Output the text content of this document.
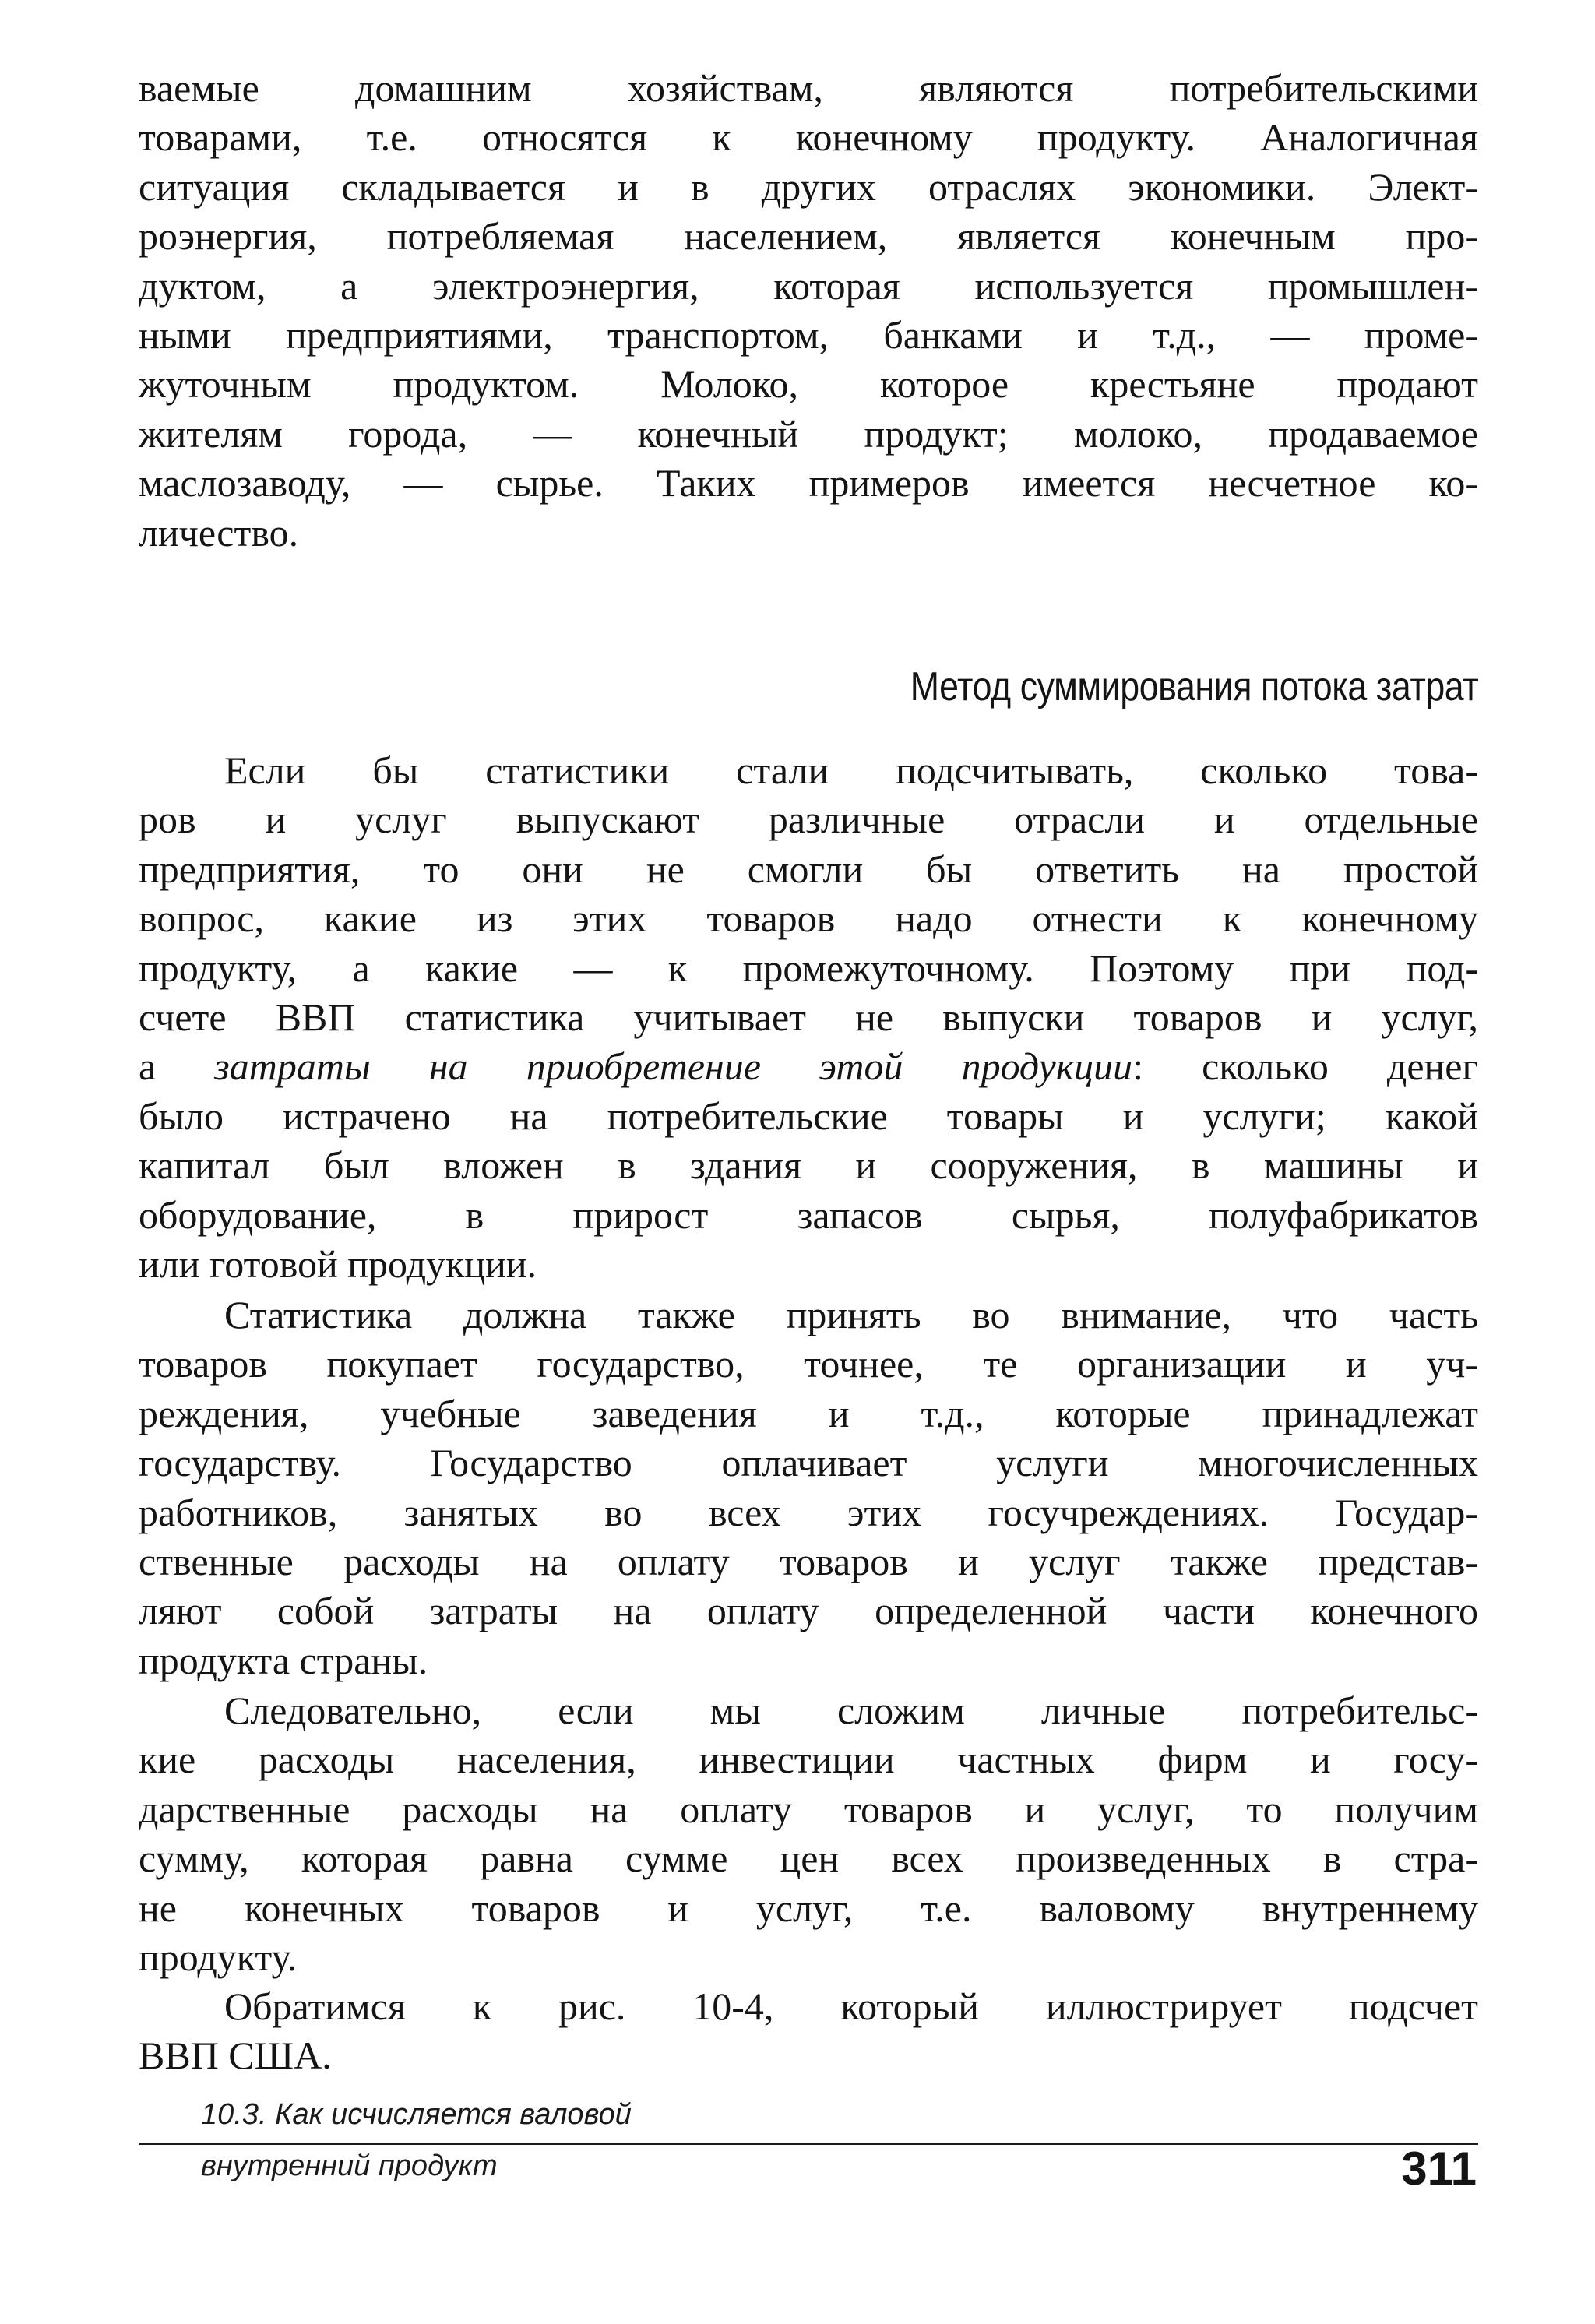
ваемые домашним хозяйствам, являются потребительскими
товарами, т.е. относятся к конечному продукту. Аналогичная
ситуация складывается и в других отраслях экономики. Элект-
роэнергия, потребляемая населением, является конечным про-
дуктом, а электроэнергия, которая используется промышлен-
ными предприятиями, транспортом, банками и т.д., — проме-
жуточным продуктом. Молоко, которое крестьяне продают
жителям города, — конечный продукт; молоко, продаваемое
маслозаводу, — сырье. Таких примеров имеется несчетное ко-
личество.

Метод суммирования потока затрат

Если бы статистики стали подсчитывать, сколько това-
ров и услуг выпускают различные отрасли и отдельные
предприятия, то они не смогли бы ответить на простой
вопрос, какие из этих товаров надо отнести к конечному
продукту, а какие — к промежуточному. Поэтому при под-
счете ВВП статистика учитывает не выпуски товаров и услуг,
а затраты на приобретение этой продукции: сколько денег
было истрачено на потребительские товары и услуги; какой
капитал был вложен в здания и сооружения, в машины и
оборудование, в прирост запасов сырья, полуфабрикатов
или готовой продукции.

Статистика должна также принять во внимание, что часть
товаров покупает государство, точнее, те организации и уч-
реждения, учебные заведения и т.д., которые принадлежат
государству. Государство оплачивает услуги многочисленных
работников, занятых во всех этих госучреждениях. Государ-
ственные расходы на оплату товаров и услуг также представ-
ляют собой затраты на оплату определенной части конечного
продукта страны.

Следовательно, если мы сложим личные потребительс-
кие расходы населения, инвестиции частных фирм и госу-
дарственные расходы на оплату товаров и услуг, то получим
сумму, которая равна сумме цен всех произведенных в стра-
не конечных товаров и услуг, т.е. валовому внутреннему
продукту.

Обратимся к рис. 10-4, который иллюстрирует подсчет
ВВП США.

10.3. Как исчисляется валовой
внутренний продукт	311
